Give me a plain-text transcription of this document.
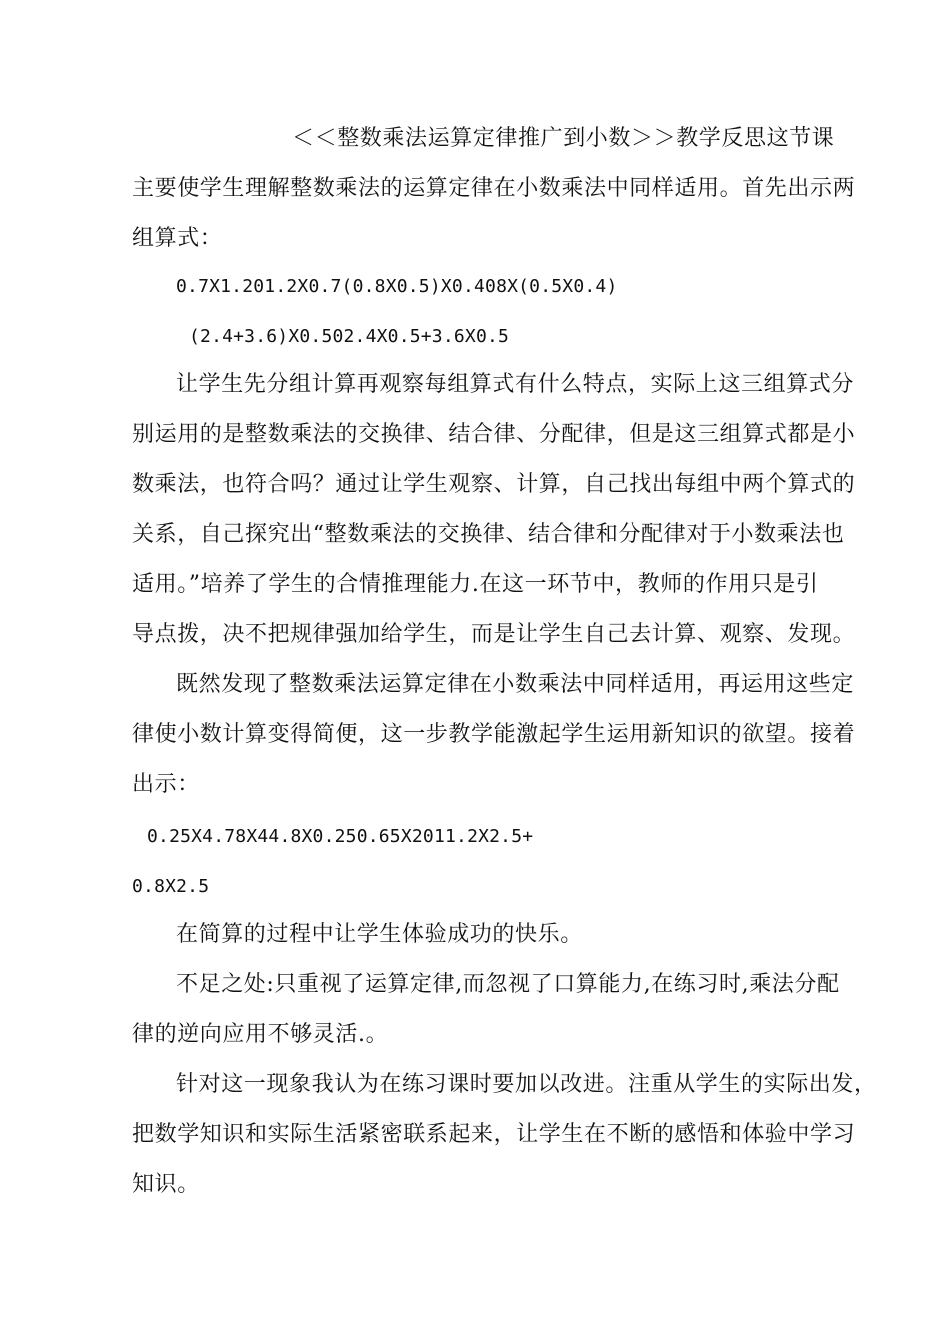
＜＜整数乘法运算定律推广到小数＞＞教学反思这节课
主要使学生理解整数乘法的运算定律在小数乘法中同样适用。首先出示两
组算式：
0.7X1.201.2X0.7(0.8X0.5)X0.408X(0.5X0.4)
(2.4+3.6)X0.502.4X0.5+3.6X0.5
让学生先分组计算再观察每组算式有什么特点，实际上这三组算式分
别运用的是整数乘法的交换律、结合律、分配律，但是这三组算式都是小
数乘法，也符合吗？通过让学生观察、计算，自己找出每组中两个算式的
关系，自己探究出“整数乘法的交换律、结合律和分配律对于小数乘法也
适用。”培养了学生的合情推理能力.在这一环节中，教师的作用只是引
导点拨，决不把规律强加给学生，而是让学生自己去计算、观察、发现。
既然发现了整数乘法运算定律在小数乘法中同样适用，再运用这些定
律使小数计算变得简便，这一步教学能激起学生运用新知识的欲望。接着
出示：
0.25X4.78X44.8X0.250.65X2011.2X2.5+
0.8X2.5
在简算的过程中让学生体验成功的快乐。
不足之处:只重视了运算定律,而忽视了口算能力,在练习时,乘法分配
律的逆向应用不够灵活.。
针对这一现象我认为在练习课时要加以改进。注重从学生的实际出发，
把数学知识和实际生活紧密联系起来，让学生在不断的感悟和体验中学习
知识。
